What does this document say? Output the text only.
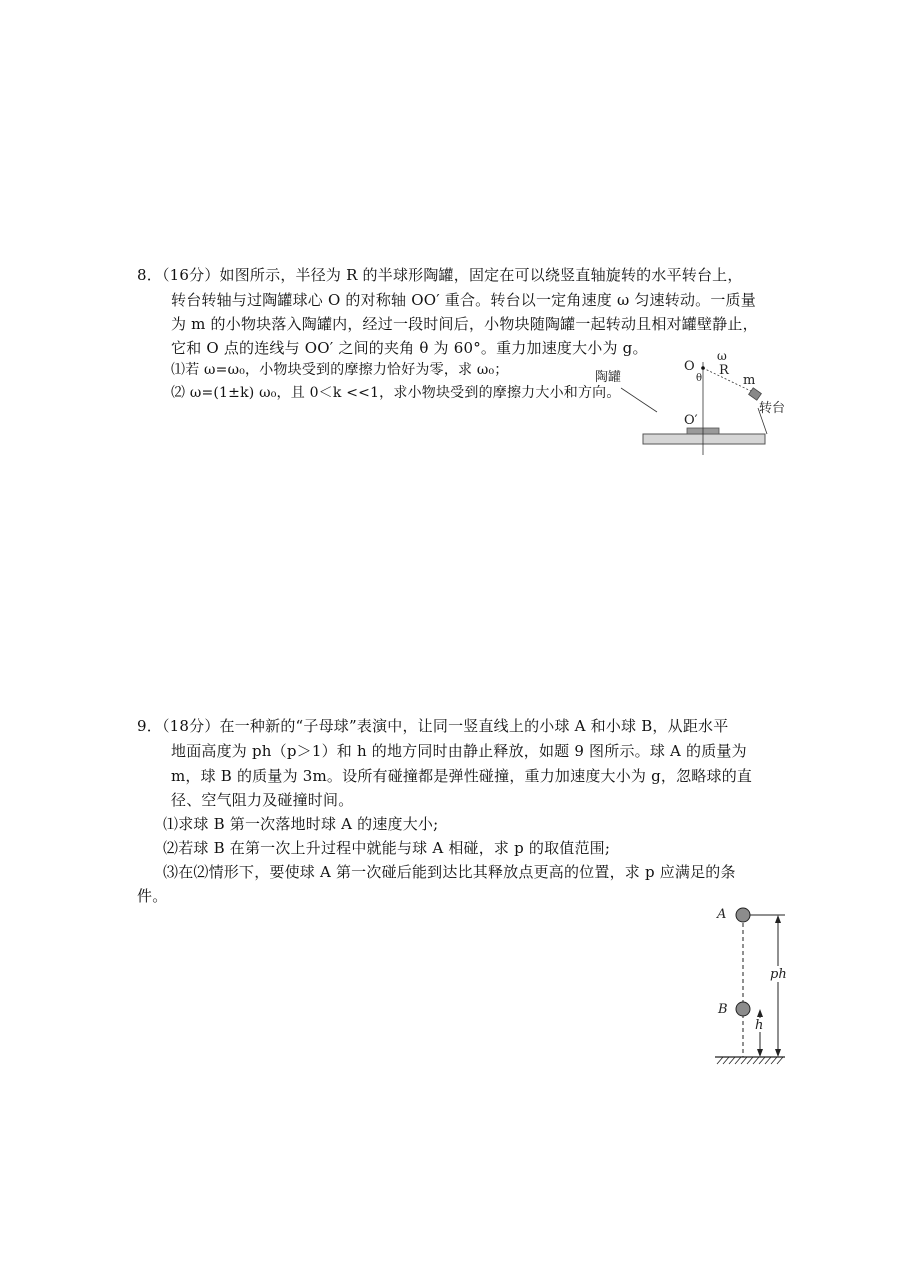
8．（16分）如图所示，半径为 R 的半球形陶罐，固定在可以绕竖直轴旋转的水平转台上，
转台转轴与过陶罐球心 O 的对称轴 OO′ 重合。转台以一定角速度 ω 匀速转动。一质量
为 m 的小物块落入陶罐内，经过一段时间后，小物块随陶罐一起转动且相对罐壁静止，
它和 O 点的连线与 OO′ 之间的夹角 θ 为 60°。重力加速度大小为 g。
⑴若 ω=ω₀，小物块受到的摩擦力恰好为零，求 ω₀；
⑵ ω=(1±k) ω₀，且 0＜k <<1，求小物块受到的摩擦力大小和方向。
ω
O R
m
θ
O′
陶罐
转台
9．（18分）在一种新的“子母球”表演中，让同一竖直线上的小球 A 和小球 B，从距水平
地面高度为 ph（p＞1）和 h 的地方同时由静止释放，如题 9 图所示。球 A 的质量为
m，球 B 的质量为 3m。设所有碰撞都是弹性碰撞，重力加速度大小为 g，忽略球的直
径、空气阻力及碰撞时间。
⑴求球 B 第一次落地时球 A 的速度大小;
⑵若球 B 在第一次上升过程中就能与球 A 相碰，求 p 的取值范围;
⑶在⑵情形下，要使球 A 第一次碰后能到达比其释放点更高的位置，求 p 应满足的条
件。
A
B
ph
h
